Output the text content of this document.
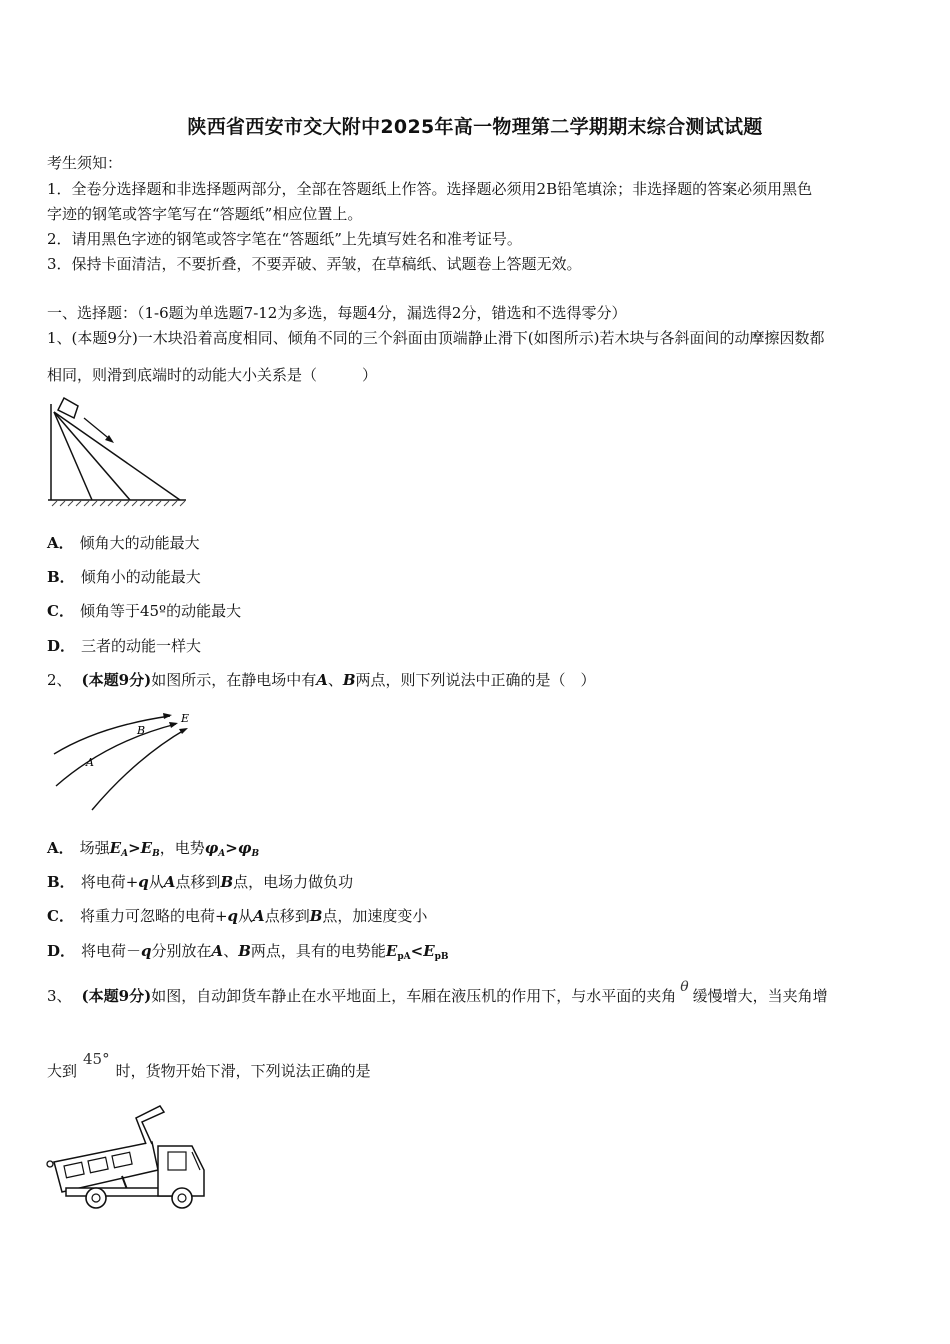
陕西省西安市交大附中2025年高一物理第二学期期末综合测试试题
考生须知：
1．全卷分选择题和非选择题两部分，全部在答题纸上作答。选择题必须用2B铅笔填涂；非选择题的答案必须用黑色
字迹的钢笔或答字笔写在“答题纸”相应位置上。
2．请用黑色字迹的钢笔或答字笔在“答题纸”上先填写姓名和准考证号。
3．保持卡面清洁，不要折叠，不要弄破、弄皱，在草稿纸、试题卷上答题无效。
一、选择题：（1-6题为单选题7-12为多选，每题4分，漏选得2分，错选和不选得零分）
1、(本题9分)一木块沿着高度相同、倾角不同的三个斜面由顶端静止滑下(如图所示)若木块与各斜面间的动摩擦因数都
相同，则滑到底端时的动能大小关系是（　　　）
A． 倾角大的动能最大
B． 倾角小的动能最大
C． 倾角等于45º的动能最大
D． 三者的动能一样大
2、 (本题9分)如图所示，在静电场中有A、B两点，则下列说法中正确的是（　）
E
B
A
A． 场强$E_A>E_B$，电势$\varphi_A>\varphi_B$
B． 将电荷+q从A点移到B点，电场力做负功
C． 将重力可忽略的电荷+q从A点移到B点，加速度变小
D． 将电荷－q分别放在A、B两点，具有的电势能$E_{pA}<E_{pB}$
3、 (本题9分)如图，自动卸货车静止在水平地面上，车厢在液压机的作用下，与水平面的夹角 θ 缓慢增大，当夹角增
大到45°时，货物开始下滑，下列说法正确的是
